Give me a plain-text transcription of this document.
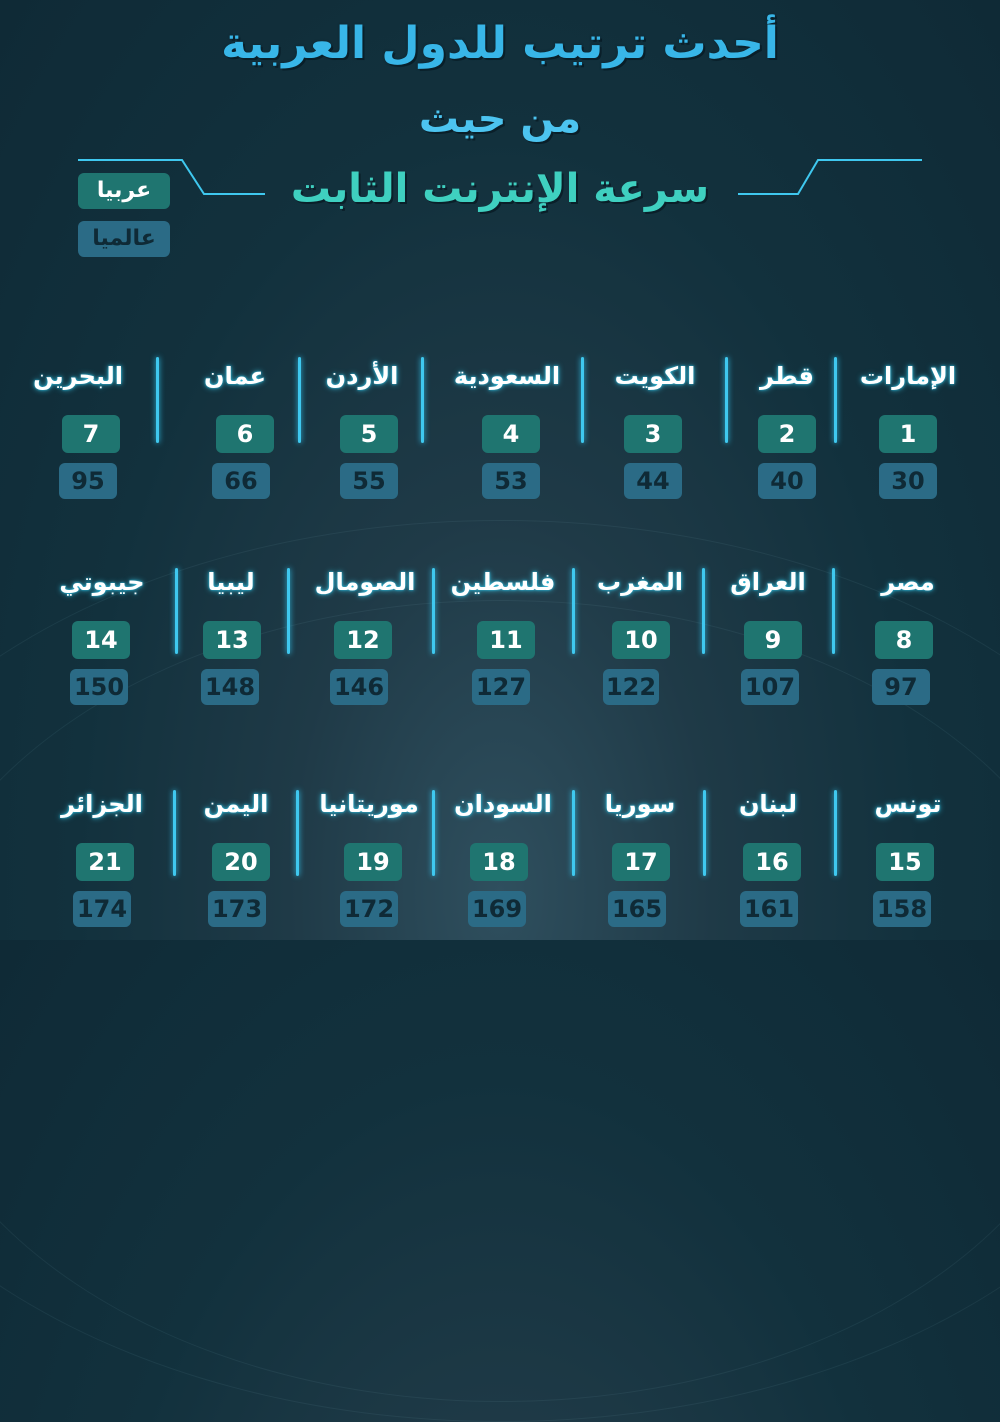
أحدث ترتيب للدول العربية
من حيث
سرعة الإنترنت الثابت
عربيا
عالميا
الإمارات
1
30
قطر
2
40
الكويت
3
44
السعودية
4
53
الأردن
5
55
عمان
6
66
البحرين
7
95
مصر
8
97
العراق
9
107
المغرب
10
122
فلسطين
11
127
الصومال
12
146
ليبيا
13
148
جيبوتي
14
150
تونس
15
158
لبنان
16
161
سوريا
17
165
السودان
18
169
موريتانيا
19
172
اليمن
20
173
الجزائر
21
174
